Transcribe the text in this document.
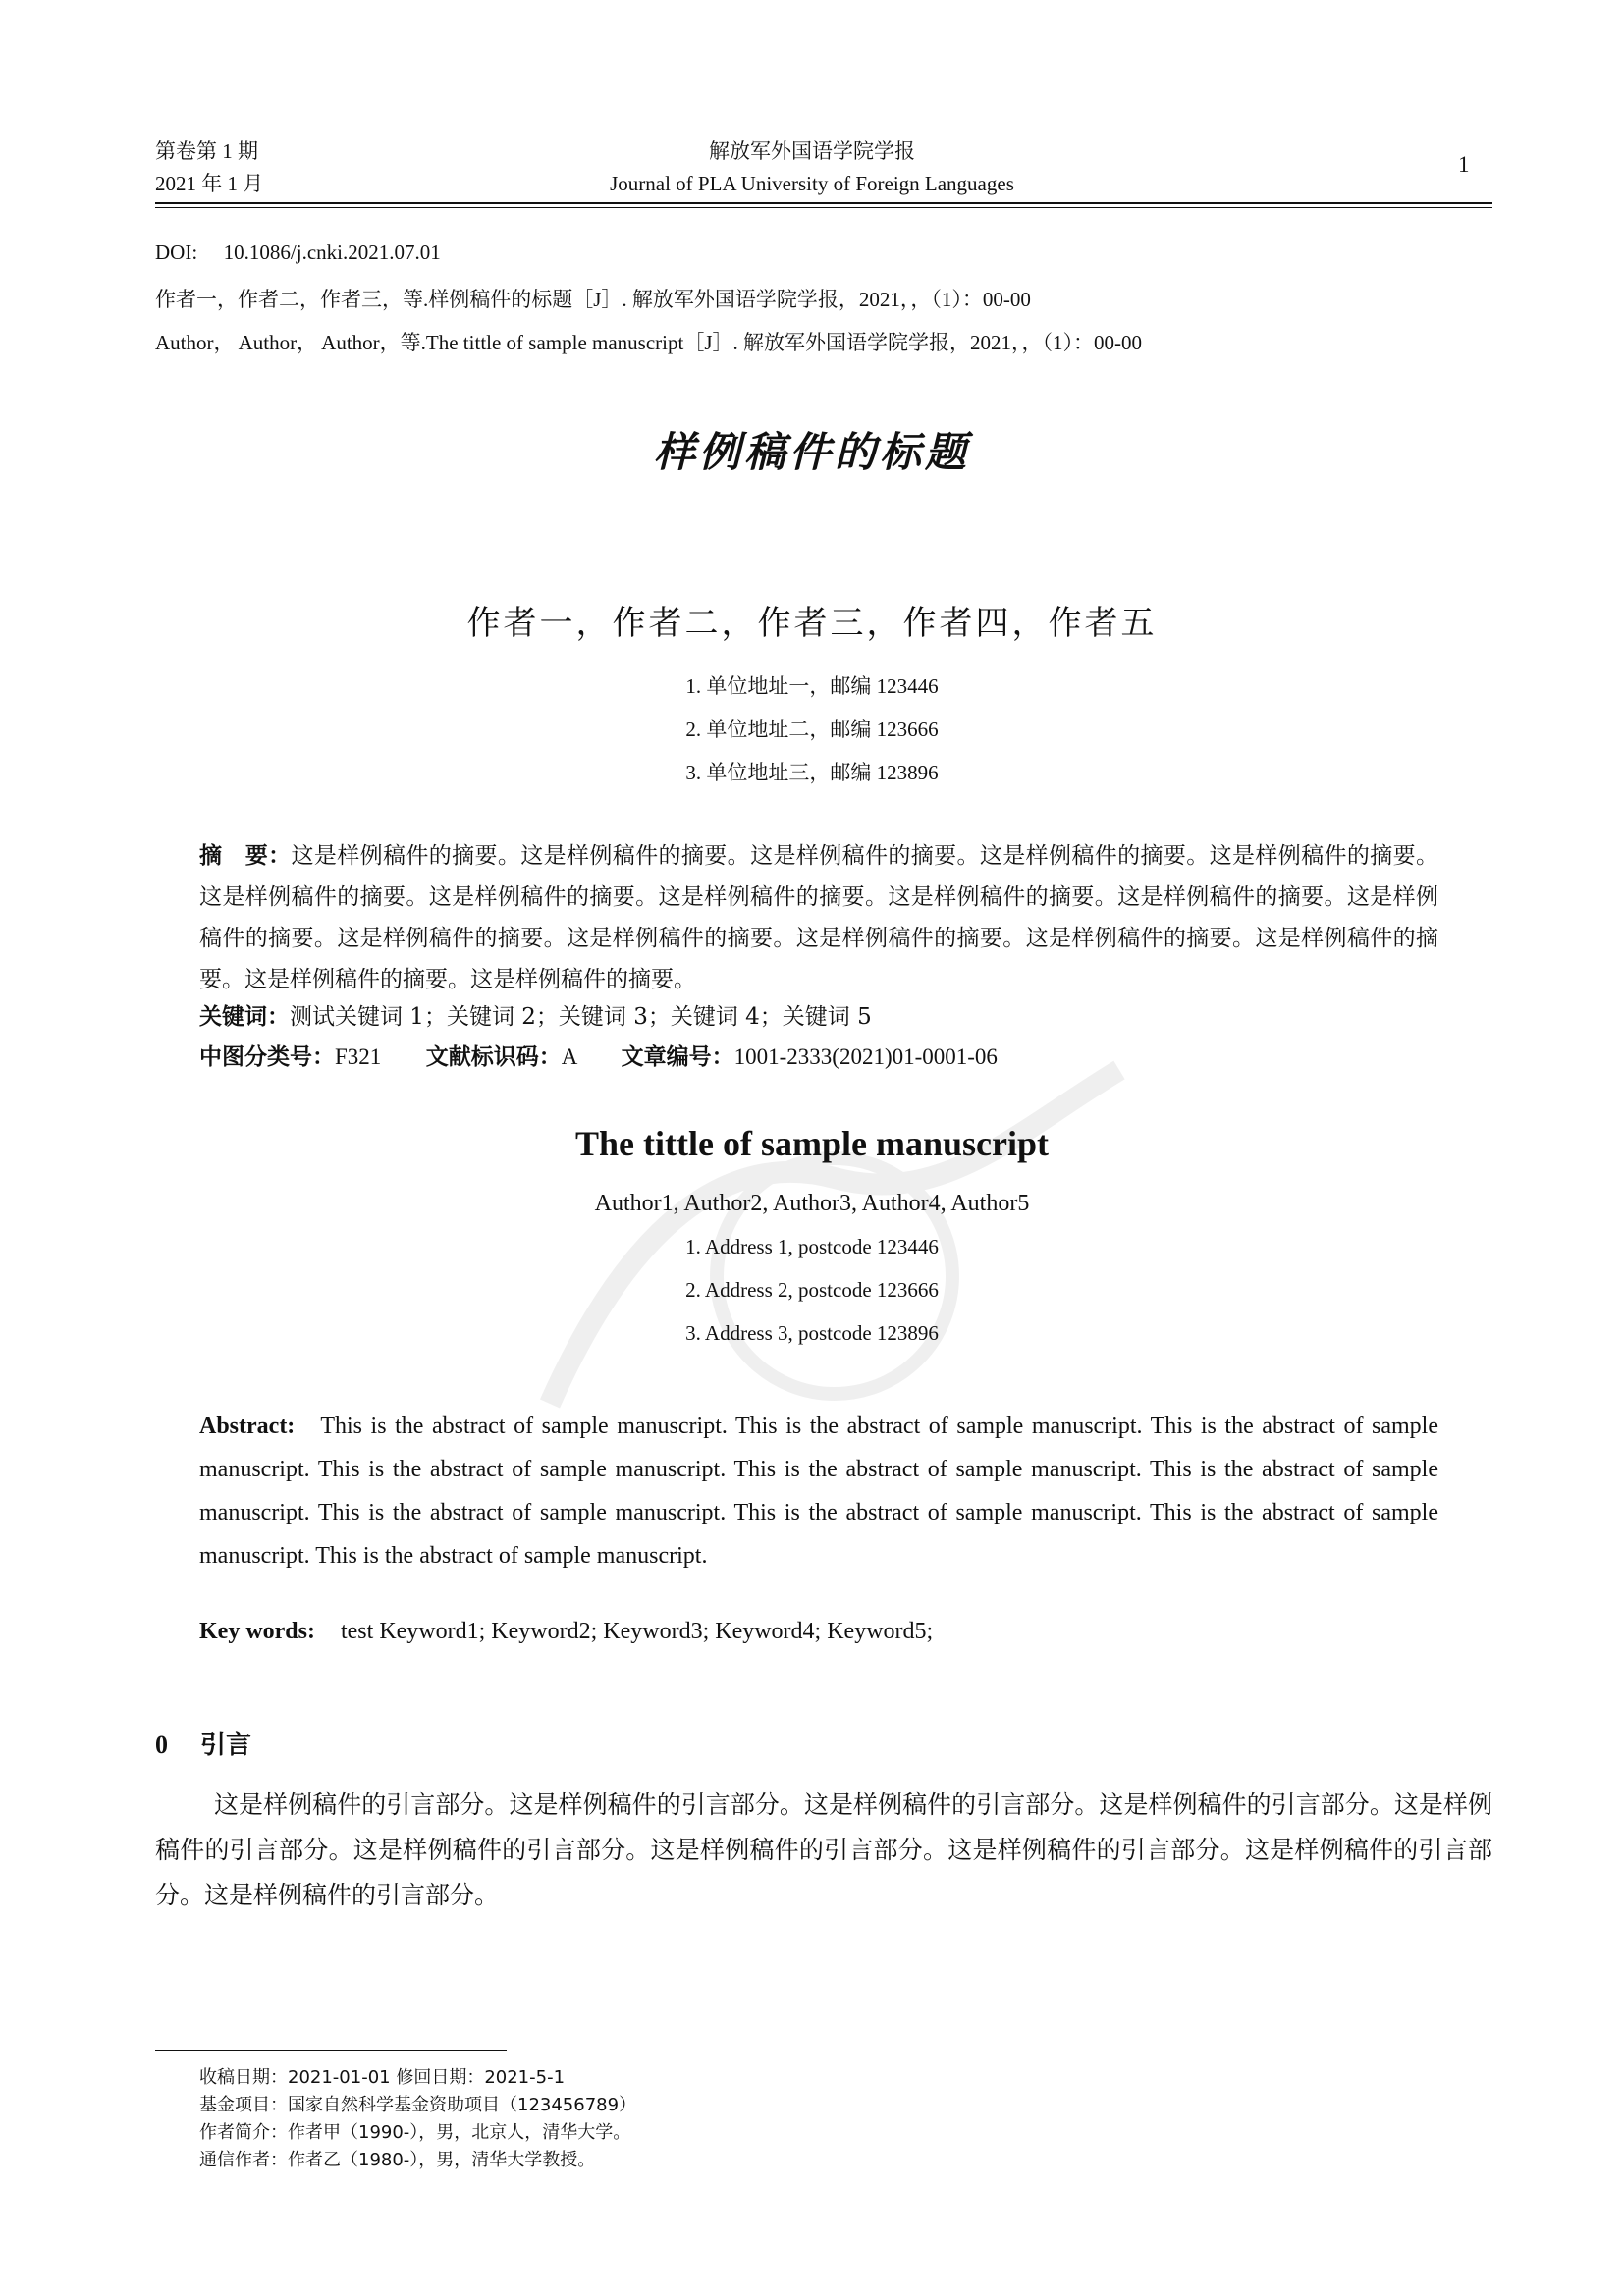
第卷第 1 期
2021 年 1 月
解放军外国语学院学报
Journal of PLA University of Foreign Languages
1
DOI: 10.1086/j.cnki.2021.07.01
作者一，作者二，作者三，等.样例稿件的标题［J］. 解放军外国语学院学报，2021，，（1）：00-00
Author， Author， Author，等.The tittle of sample manuscript［J］. 解放军外国语学院学报，2021，，（1）：00-00
样例稿件的标题
作者一，作者二，作者三，作者四，作者五
1. 单位地址一，邮编 123446
2. 单位地址二，邮编 123666
3. 单位地址三，邮编 123896
摘　要：这是样例稿件的摘要。这是样例稿件的摘要。这是样例稿件的摘要。这是样例稿件的摘要。这是样例稿件的摘要。这是样例稿件的摘要。这是样例稿件的摘要。这是样例稿件的摘要。这是样例稿件的摘要。这是样例稿件的摘要。这是样例稿件的摘要。这是样例稿件的摘要。这是样例稿件的摘要。这是样例稿件的摘要。这是样例稿件的摘要。这是样例稿件的摘要。这是样例稿件的摘要。这是样例稿件的摘要。
关键词：测试关键词 1；关键词 2；关键词 3；关键词 4；关键词 5
中图分类号：F321 文献标识码：A 文章编号：1001-2333(2021)01-0001-06
The tittle of sample manuscript
Author1, Author2, Author3, Author4, Author5
1. Address 1, postcode 123446
2. Address 2, postcode 123666
3. Address 3, postcode 123896
Abstract: This is the abstract of sample manuscript. This is the abstract of sample manuscript. This is the abstract of sample manuscript. This is the abstract of sample manuscript. This is the abstract of sample manuscript. This is the abstract of sample manuscript. This is the abstract of sample manuscript. This is the abstract of sample manuscript. This is the abstract of sample manuscript. This is the abstract of sample manuscript.
Key words: test Keyword1; Keyword2; Keyword3; Keyword4; Keyword5;
0 引言
这是样例稿件的引言部分。这是样例稿件的引言部分。这是样例稿件的引言部分。这是样例稿件的引言部分。这是样例稿件的引言部分。这是样例稿件的引言部分。这是样例稿件的引言部分。这是样例稿件的引言部分。这是样例稿件的引言部分。这是样例稿件的引言部分。
收稿日期：2021-01-01 修回日期：2021-5-1
基金项目：国家自然科学基金资助项目（123456789）
作者简介：作者甲（1990-），男，北京人，清华大学。
通信作者：作者乙（1980-），男，清华大学教授。
